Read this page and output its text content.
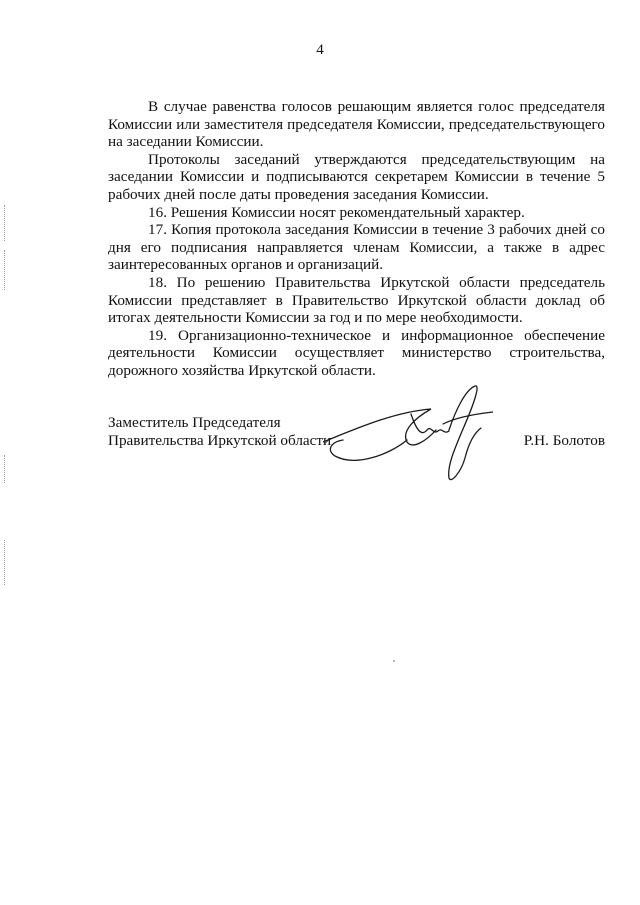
4

В случае равенства голосов решающим является голос председателя Комиссии или заместителя председателя Комиссии, председательствующего на заседании Комиссии.

Протоколы заседаний утверждаются председательствующим на заседании Комиссии и подписываются секретарем Комиссии в течение 5 рабочих дней после даты проведения заседания Комиссии.

16. Решения Комиссии носят рекомендательный характер.

17. Копия протокола заседания Комиссии в течение 3 рабочих дней со дня его подписания направляется членам Комиссии, а также в адрес заинтересованных органов и организаций.

18. По решению Правительства Иркутской области председатель Комиссии представляет в Правительство Иркутской области доклад об итогах деятельности Комиссии за год и по мере необходимости.

19. Организационно-техническое и информационное обеспечение деятельности Комиссии осуществляет министерство строительства, дорожного хозяйства Иркутской области.

Заместитель Председателя
Правительства Иркутской области	Р.Н. Болотов
